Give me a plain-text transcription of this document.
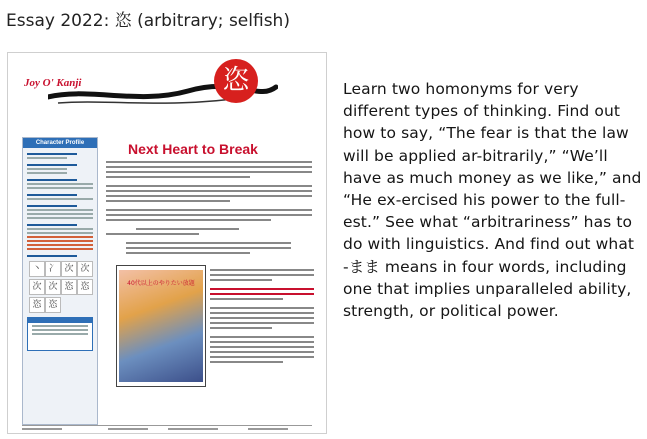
Essay 2022: 恣 (arbitrary; selfish)
Joy O' Kanji	恣
Character Profile
丶 冫 次 次
次 次 恣 恣
恣 恣
Next Heart to Break
40代以上のやりたい放題
Learn two homonyms for very different types of thinking. Find out how to say, “The fear is that the law will be applied ar-bitrarily,” “We’ll have as much money as we like,” and “He ex-ercised his power to the full-est.” See what “arbitrariness” has to do with linguistics. And find out what -まま means in four words, including one that implies unparalleled ability, strength, or political power.
